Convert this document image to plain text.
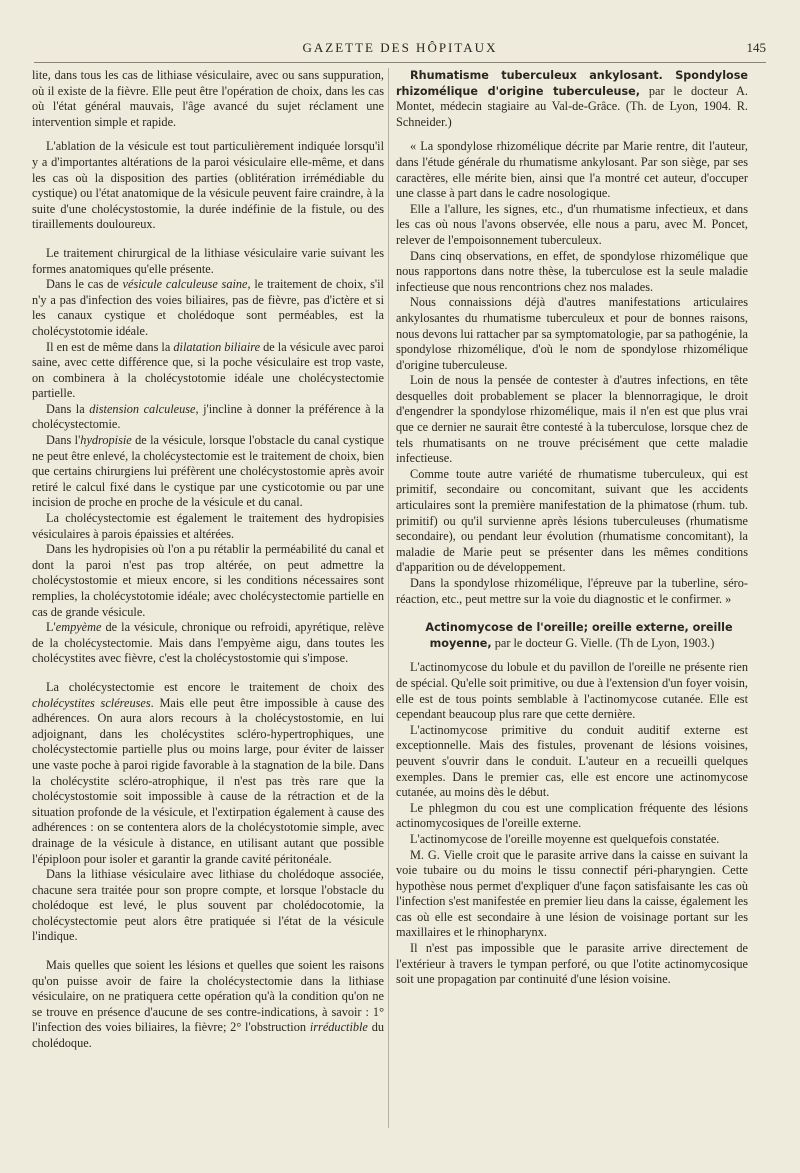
GAZETTE DES HÔPITAUX	145

lite, dans tous les cas de lithiase vésiculaire, avec ou sans suppuration, où il existe de la fièvre. Elle peut être l'opération de choix, dans les cas où l'état général mauvais, l'âge avancé du sujet réclament une intervention simple et rapide.

L'ablation de la vésicule est tout particulièrement indiquée lorsqu'il y a d'importantes altérations de la paroi vésiculaire elle-même, et dans les cas où la disposition des parties (oblitération irrémédiable du cystique) ou l'état anatomique de la vésicule peuvent faire craindre, à la suite d'une cholécystostomie, la durée indéfinie de la fistule, ou des tiraillements douloureux.

Le traitement chirurgical de la lithiase vésiculaire varie suivant les formes anatomiques qu'elle présente.

Dans le cas de vésicule calculeuse saine, le traitement de choix, s'il n'y a pas d'infection des voies biliaires, pas de fièvre, pas d'ictère et si les canaux cystique et cholédoque sont perméables, est la cholécystotomie idéale.

Il en est de même dans la dilatation biliaire de la vésicule avec paroi saine, avec cette différence que, si la poche vésiculaire est trop vaste, on combinera à la cholécystotomie idéale une cholécystectomie partielle.

Dans la distension calculeuse, j'incline à donner la préférence à la cholécystectomie.

Dans l'hydropisie de la vésicule, lorsque l'obstacle du canal cystique ne peut être enlevé, la cholécystectomie est le traitement de choix, bien que certains chirurgiens lui préfèrent une cholécystostomie après avoir retiré le calcul fixé dans le cystique par une cysticotomie ou par une incision de proche en proche de la vésicule et du canal.

La cholécystectomie est également le traitement des hydropisies vésiculaires à parois épaissies et altérées.

Dans les hydropisies où l'on a pu rétablir la perméabilité du canal et dont la paroi n'est pas trop altérée, on peut admettre la cholécystostomie et mieux encore, si les conditions nécessaires sont remplies, la cholécystotomie idéale; avec cholécystectomie partielle en cas de grande vésicule.

L'empyème de la vésicule, chronique ou refroidi, apyrétique, relève de la cholécystectomie. Mais dans l'empyème aigu, dans toutes les cholécystites avec fièvre, c'est la cholécystostomie qui s'impose.

La cholécystectomie est encore le traitement de choix des cholécystites scléreuses. Mais elle peut être impossible à cause des adhérences. On aura alors recours à la cholécystostomie, en lui adjoignant, dans les cholécystites scléro-hypertrophiques, une cholécystectomie partielle plus ou moins large, pour éviter de laisser une vaste poche à paroi rigide favorable à la stagnation de la bile. Dans la cholécystite scléro-atrophique, il n'est pas très rare que la cholécystostomie soit impossible à cause de la rétraction et de la situation profonde de la vésicule, et l'extirpation également à cause des adhérences : on se contentera alors de la cholécystotomie simple, avec drainage de la vésicule à distance, en utilisant autant que possible l'épiploon pour isoler et garantir la grande cavité péritonéale.

Dans la lithiase vésiculaire avec lithiase du cholédoque associée, chacune sera traitée pour son propre compte, et lorsque l'obstacle du cholédoque est levé, le plus souvent par cholédocotomie, la cholécystectomie peut alors être pratiquée si l'état de la vésicule l'indique.

Mais quelles que soient les lésions et quelles que soient les raisons qu'on puisse avoir de faire la cholécystectomie dans la lithiase vésiculaire, on ne pratiquera cette opération qu'à la condition qu'on ne se trouve en présence d'aucune de ses contre-indications, à savoir : 1° l'infection des voies biliaires, la fièvre; 2° l'obstruction irréductible du cholédoque.

Rhumatisme tuberculeux ankylosant. Spondylose rhizomélique d'origine tuberculeuse, par le docteur A. Montet, médecin stagiaire au Val-de-Grâce. (Th. de Lyon, 1904. R. Schneider.)

« La spondylose rhizomélique décrite par Marie rentre, dit l'auteur, dans l'étude générale du rhumatisme ankylosant. Par son siège, par ses caractères, elle mérite bien, ainsi que l'a montré cet auteur, d'occuper une classe à part dans le cadre nosologique.

Elle a l'allure, les signes, etc., d'un rhumatisme infectieux, et dans les cas où nous l'avons observée, elle nous a paru, avec M. Poncet, relever de l'empoisonnement tuberculeux.

Dans cinq observations, en effet, de spondylose rhizomélique que nous rapportons dans notre thèse, la tuberculose est la seule maladie infectieuse que nous rencontrions chez nos malades.

Nous connaissions déjà d'autres manifestations articulaires ankylosantes du rhumatisme tuberculeux et pour de bonnes raisons, nous devons lui rattacher par sa symptomatologie, par sa pathogénie, la spondylose rhizomélique, d'où le nom de spondylose rhizomélique d'origine tuberculeuse.

Loin de nous la pensée de contester à d'autres infections, en tête desquelles doit probablement se placer la blennorragique, le droit d'engendrer la spondylose rhizomélique, mais il n'en est que plus vrai que ce dernier ne saurait être contesté à la tuberculose, lorsque chez de tels rhumatisants on ne trouve précisément que cette maladie infectieuse.

Comme toute autre variété de rhumatisme tuberculeux, qui est primitif, secondaire ou concomitant, suivant que les accidents articulaires sont la première manifestation de la phimatose (rhum. tub. primitif) ou qu'il survienne après lésions tuberculeuses (rhumatisme secondaire), ou pendant leur évolution (rhumatisme concomitant), la maladie de Marie peut se présenter dans les mêmes conditions d'apparition ou de développement.

Dans la spondylose rhizomélique, l'épreuve par la tuberline, séro-réaction, etc., peut mettre sur la voie du diagnostic et le confirmer. »

Actinomycose de l'oreille; oreille externe, oreille moyenne, par le docteur G. Vielle. (Th de Lyon, 1903.)

L'actinomycose du lobule et du pavillon de l'oreille ne présente rien de spécial. Qu'elle soit primitive, ou due à l'extension d'un foyer voisin, elle est de tous points semblable à l'actinomycose cutanée. Elle est cependant beaucoup plus rare que cette dernière.

L'actinomycose primitive du conduit auditif externe est exceptionnelle. Mais des fistules, provenant de lésions voisines, peuvent s'ouvrir dans le conduit. L'auteur en a recueilli quelques exemples. Dans le premier cas, elle est encore une actinomycose cutanée, au moins dès le début.

Le phlegmon du cou est une complication fréquente des lésions actinomycosiques de l'oreille externe.

L'actinomycose de l'oreille moyenne est quelquefois constatée.

M. G. Vielle croit que le parasite arrive dans la caisse en suivant la voie tubaire ou du moins le tissu connectif péri-pharyngien. Cette hypothèse nous permet d'expliquer d'une façon satisfaisante les cas où l'infection s'est manifestée en premier lieu dans la caisse, également les cas où elle est secondaire à une lésion de voisinage portant sur les maxillaires et le rhinopharynx.

Il n'est pas impossible que le parasite arrive directement de l'extérieur à travers le tympan perforé, ou que l'otite actinomycosique soit une propagation par continuité d'une lésion voisine.
